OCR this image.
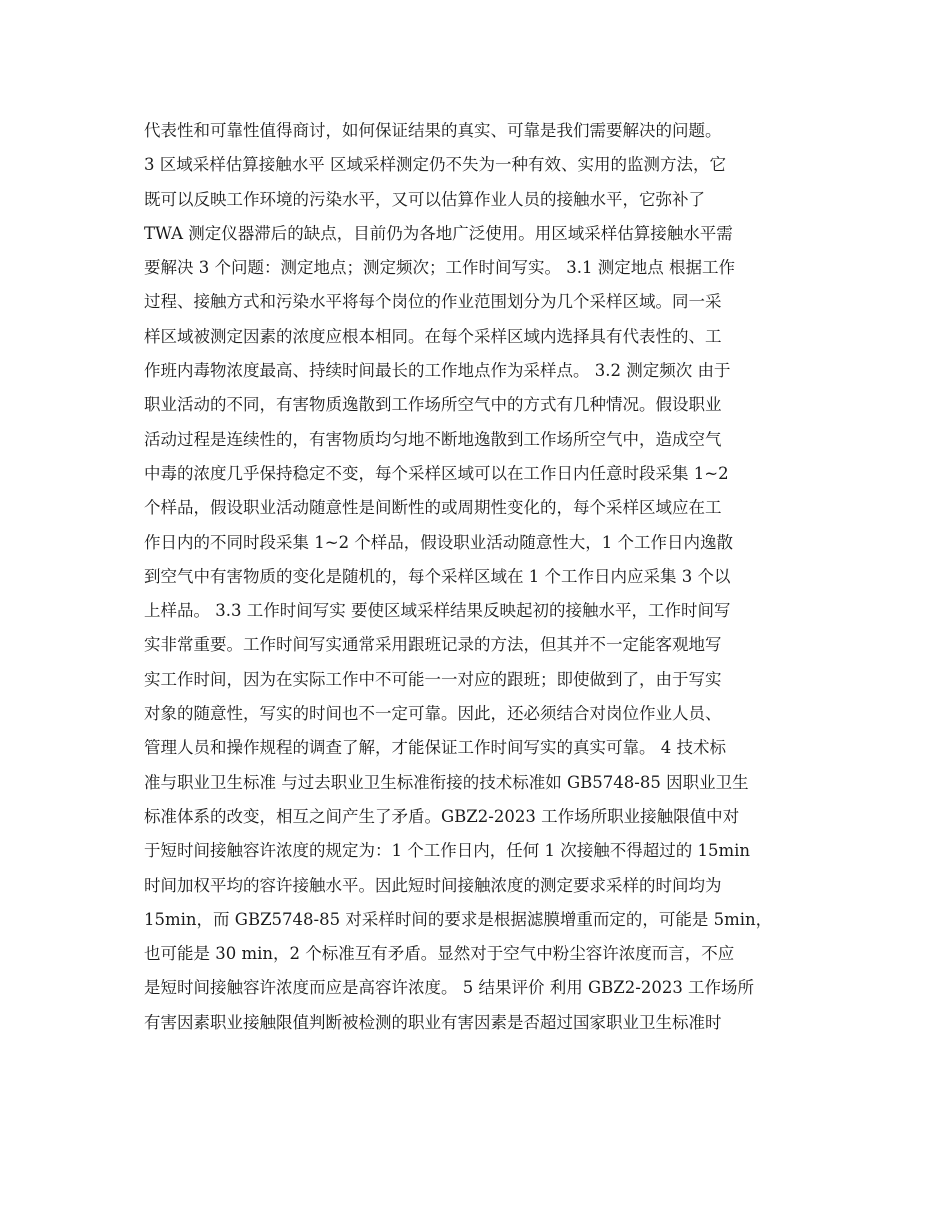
代表性和可靠性值得商讨，如何保证结果的真实、可靠是我们需要解决的问题。
3 区域采样估算接触水平 区域采样测定仍不失为一种有效、实用的监测方法，它
既可以反映工作环境的污染水平，又可以估算作业人员的接触水平，它弥补了
TWA 测定仪器滞后的缺点，目前仍为各地广泛使用。用区域采样估算接触水平需
要解决 3 个问题：测定地点；测定频次；工作时间写实。 3.1 测定地点 根据工作
过程、接触方式和污染水平将每个岗位的作业范围划分为几个采样区域。同一采
样区域被测定因素的浓度应根本相同。在每个采样区域内选择具有代表性的、工
作班内毒物浓度最高、持续时间最长的工作地点作为采样点。 3.2 测定频次 由于
职业活动的不同，有害物质逸散到工作场所空气中的方式有几种情况。假设职业
活动过程是连续性的，有害物质均匀地不断地逸散到工作场所空气中，造成空气
中毒的浓度几乎保持稳定不变，每个采样区域可以在工作日内任意时段采集 1~2
个样品，假设职业活动随意性是间断性的或周期性变化的，每个采样区域应在工
作日内的不同时段采集 1~2 个样品，假设职业活动随意性大，1 个工作日内逸散
到空气中有害物质的变化是随机的，每个采样区域在 1 个工作日内应采集 3 个以
上样品。 3.3 工作时间写实 要使区域采样结果反映起初的接触水平，工作时间写
实非常重要。工作时间写实通常采用跟班记录的方法，但其并不一定能客观地写
实工作时间，因为在实际工作中不可能一一对应的跟班；即使做到了，由于写实
对象的随意性，写实的时间也不一定可靠。因此，还必须结合对岗位作业人员、
管理人员和操作规程的调查了解，才能保证工作时间写实的真实可靠。 4 技术标
准与职业卫生标准 与过去职业卫生标准衔接的技术标准如 GB5748-85 因职业卫生
标准体系的改变，相互之间产生了矛盾。GBZ2-2023 工作场所职业接触限值中对
于短时间接触容许浓度的规定为：1 个工作日内，任何 1 次接触不得超过的 15min
时间加权平均的容许接触水平。因此短时间接触浓度的测定要求采样的时间均为
15min，而 GBZ5748-85 对采样时间的要求是根据滤膜增重而定的，可能是 5min，
也可能是 30 min，2 个标准互有矛盾。显然对于空气中粉尘容许浓度而言，不应
是短时间接触容许浓度而应是高容许浓度。 5 结果评价 利用 GBZ2-2023 工作场所
有害因素职业接触限值判断被检测的职业有害因素是否超过国家职业卫生标准时
